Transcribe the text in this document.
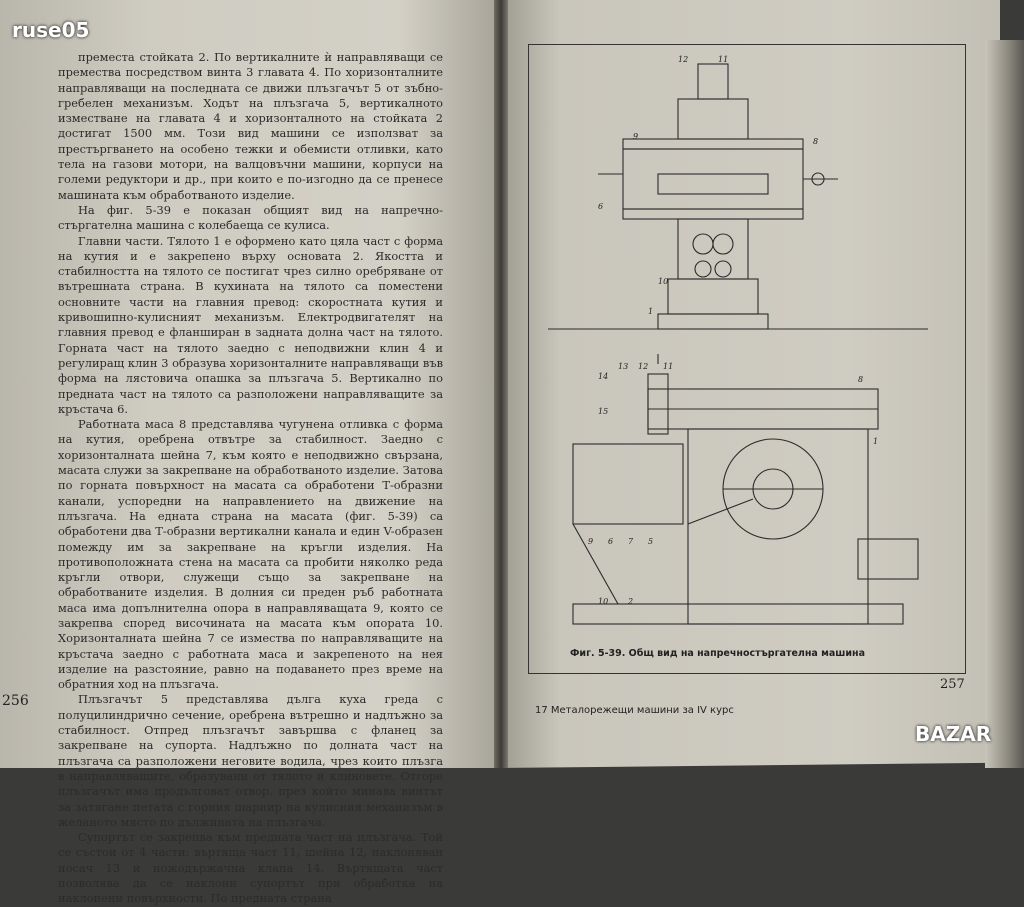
ruse05

преместа стойката 2. По вертикалните ѝ направляващи се премества посредством винта 3 главата 4. По хоризонталните направляващи на последната се движи плъзгачът 5 от зъбно-гребелен механизъм. Ходът на плъзгача 5, вертикалното изместване на главата 4 и хоризонталното на стойката 2 достигат 1500 мм. Този вид машини се използват за престъргването на особено тежки и обемисти отливки, като тела на газови мотори, на валцовъчни машини, корпуси на големи редуктори и др., при които е по-изгодно да се пренесе машината към обработваното изделие.

На фиг. 5-39 е показан общият вид на напречно-стъргателна машина с колебаеща се кулиса.

Главни части. Тялото 1 е оформено като цяла част с форма на кутия и е закрепено върху основата 2. Якостта и стабилността на тялото се постигат чрез силно оребряване от вътрешната страна. В кухината на тялото са поместени основните части на главния превод: скоростната кутия и кривошипно-кулисният механизъм. Електродвигателят на главния превод е фланширан в задната долна част на тялото. Горната част на тялото заедно с неподвижни клин 4 и регулиращ клин 3 образува хоризонталните направляващи във форма на лястовича опашка за плъзгача 5. Вертикално по предната част на тялото са разположени направляващите за кръстача 6.

Работната маса 8 представлява чугунена отливка с форма на кутия, оребрена отвътре за стабилност. Заедно с хоризонталната шейна 7, към която е неподвижно свързана, масата служи за закрепване на обработваното изделие. Затова по горната повърхност на масата са обработени Т-образни канали, успоредни на направлението на движение на плъзгача. На едната страна на масата (фиг. 5-39) са обработени два Т-образни вертикални канала и един V-образен помежду им за закрепване на кръгли изделия. На противоположната стена на масата са пробити няколко реда кръгли отвори, служещи също за закрепване на обработваните изделия. В долния си преден ръб работната маса има допълнителна опора в направляващата 9, която се закрепва според височината на масата към опората 10. Хоризонталната шейна 7 се измества по направляващите на кръстача заедно с работната маса и закрепеното на нея изделие на разстояние, равно на подаването през време на обратния ход на плъзгача.

Плъзгачът 5 представлява дълга куха греда с полуцилиндрично сечение, оребрена вътрешно и надлъжно за стабилност. Отпред плъзгачът завършва с фланец за закрепване на супорта. Надлъжно по долната част на плъзгача са разположени неговите водила, чрез които плъзга в направляващите, образувани от тялото и клиновете. Отгоре плъзгачът има продълговат отвор, през който минава винтът за затягане петата с горния шарнир на кулисния механизъм в желаното място по дължината на плъзгача.

Супортът се закрепва към предната част на плъзгача. Той се състои от 4 части: въртяща част 11, шейна 12, наклоняван носач 13 и ножодържачна клапа 14. Въртящата част позволява да се наклони супортът при обработка на наклонени повърхности. По предната страна

256
12	11
9
8
6
10
1
13 12 11
14
15
8
1
9 6 7 5
2
10
Фиг. 5-39. Общ вид на напречностъргателна машина
257
17 Металорежещи машини за IV курс
BAZAR
